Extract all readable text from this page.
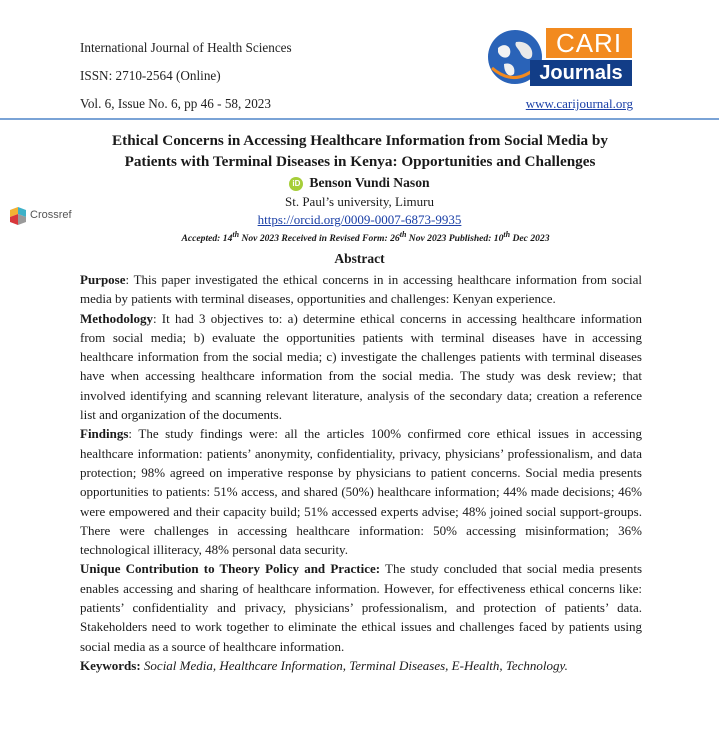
International Journal of Health Sciences
ISSN: 2710-2564 (Online)
Vol. 6, Issue No. 6, pp 46 - 58, 2023
CARI
Journals
www.carijournal.org
Ethical Concerns in Accessing Healthcare Information from Social Media by
Patients with Terminal Diseases in Kenya: Opportunities and Challenges
iD Benson Vundi Nason
St. Paul’s university, Limuru
https://orcid.org/0009-0007-6873-9935
Crossref
Accepted: 14th Nov 2023 Received in Revised Form: 26th Nov 2023 Published: 10th Dec 2023
Abstract

Purpose: This paper investigated the ethical concerns in in accessing healthcare information from social media by patients with terminal diseases, opportunities and challenges: Kenyan experience.

Methodology: It had 3 objectives to: a) determine ethical concerns in accessing healthcare information from social media; b) evaluate the opportunities patients with terminal diseases have in accessing healthcare information from the social media; c) investigate the challenges patients with terminal diseases have when accessing healthcare information from the social media. The study was desk review; that involved identifying and scanning relevant literature, analysis of the secondary data; creation a reference list and organization of the documents.

Findings: The study findings were: all the articles 100% confirmed core ethical issues in accessing healthcare information: patients’ anonymity, confidentiality, privacy, physicians’ professionalism, and data protection; 98% agreed on imperative response by physicians to patient concerns. Social media presents opportunities to patients: 51% access, and shared (50%) healthcare information; 44% made decisions; 46% were empowered and their capacity build; 51% accessed experts advise; 48% joined social support-groups. There were challenges in accessing healthcare information: 50% accessing misinformation; 36% technological illiteracy, 48% personal data security.

Unique Contribution to Theory Policy and Practice: The study concluded that social media presents enables accessing and sharing of healthcare information. However, for effectiveness ethical concerns like: patients’ confidentiality and privacy, physicians’ professionalism, and protection of patients’ data. Stakeholders need to work together to eliminate the ethical issues and challenges faced by patients using social media as a source of healthcare information.

Keywords: Social Media, Healthcare Information, Terminal Diseases, E-Health, Technology.
